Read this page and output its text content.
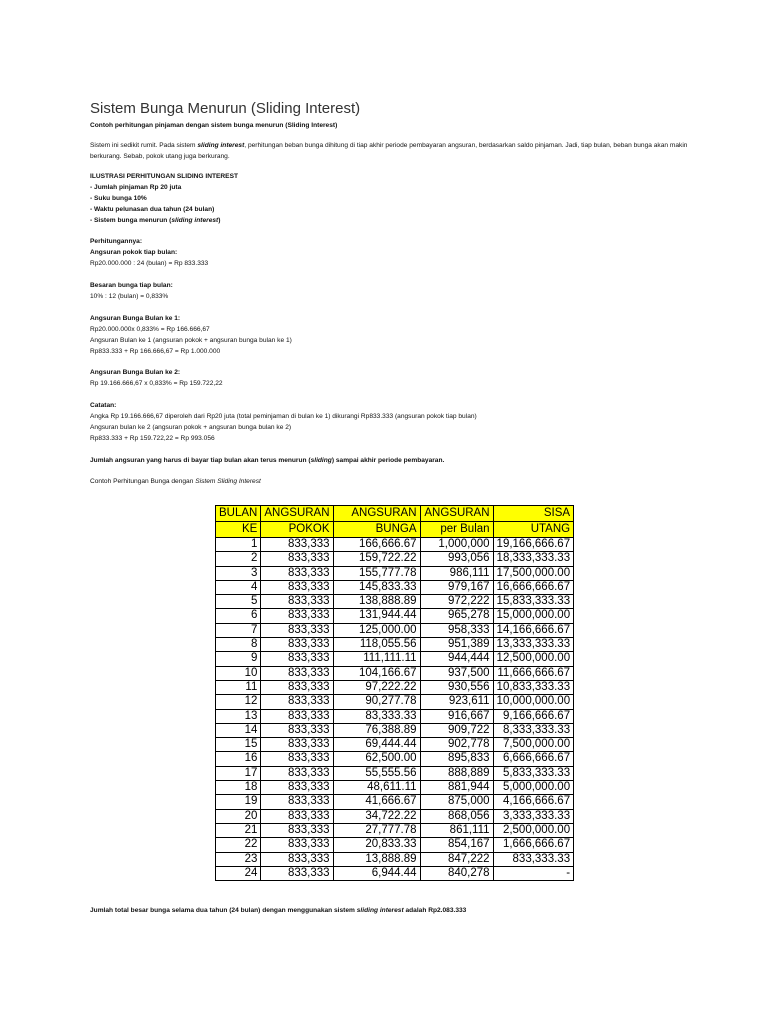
Sistem Bunga Menurun (Sliding Interest)
Contoh perhitungan pinjaman dengan sistem bunga menurun (Sliding Interest)
Sistem ini sedikit rumit. Pada sistem sliding interest, perhitungan beban bunga dihitung di tiap akhir periode pembayaran angsuran, berdasarkan saldo pinjaman. Jadi, tiap bulan, beban bunga akan makin berkurang. Sebab, pokok utang juga berkurang.
ILUSTRASI PERHITUNGAN SLIDING INTEREST
- Jumlah pinjaman Rp 20 juta
- Suku bunga 10%
- Waktu pelunasan dua tahun (24 bulan)
- Sistem bunga menurun (sliding interest)
Perhitungannya:
Angsuran pokok tiap bulan:
Rp20.000.000 : 24 (bulan) = Rp 833.333
Besaran bunga tiap bulan:
10% : 12 (bulan) = 0,833%
Angsuran Bunga Bulan ke 1:
Rp20.000.000x 0,833% = Rp 166.666,67
Angsuran Bulan ke 1 (angsuran pokok + angsuran bunga bulan ke 1)
Rp833.333 + Rp 166.666,67 = Rp 1.000.000
Angsuran Bunga Bulan ke 2:
Rp 19.166.666,67 x 0,833% = Rp 159.722,22
Catatan:
Angka Rp 19.166.666,67 diperoleh dari Rp20 juta (total peminjaman di bulan ke 1) dikurangi Rp833.333 (angsuran pokok tiap bulan)
Angsuran bulan ke 2 (angsuran pokok + angsuran bunga bulan ke 2)
Rp833.333 + Rp 159.722,22 = Rp 993.056
Jumlah angsuran yang harus di bayar tiap bulan akan terus menurun (sliding) sampai akhir periode pembayaran.
Contoh Perhitungan Bunga dengan Sistem Sliding Interest
BULAN	ANGSURAN	ANGSURAN	ANGSURAN	SISA
KE	POKOK	BUNGA	per Bulan	UTANG
1	833,333	166,666.67	1,000,000	19,166,666.67
2	833,333	159,722.22	993,056	18,333,333.33
3	833,333	155,777.78	986,111	17,500,000.00
4	833,333	145,833.33	979,167	16,666,666.67
5	833,333	138,888.89	972,222	15,833,333.33
6	833,333	131,944.44	965,278	15,000,000.00
7	833,333	125,000.00	958,333	14,166,666.67
8	833,333	118,055.56	951,389	13,333,333.33
9	833,333	111,111.11	944,444	12,500,000.00
10	833,333	104,166.67	937,500	11,666,666.67
11	833,333	97,222.22	930,556	10,833,333.33
12	833,333	90,277.78	923,611	10,000,000.00
13	833,333	83,333.33	916,667	9,166,666.67
14	833,333	76,388.89	909,722	8,333,333.33
15	833,333	69,444.44	902,778	7,500,000.00
16	833,333	62,500.00	895,833	6,666,666.67
17	833,333	55,555.56	888,889	5,833,333.33
18	833,333	48,611.11	881,944	5,000,000.00
19	833,333	41,666.67	875,000	4,166,666.67
20	833,333	34,722.22	868,056	3,333,333.33
21	833,333	27,777.78	861,111	2,500,000.00
22	833,333	20,833.33	854,167	1,666,666.67
23	833,333	13,888.89	847,222	833,333.33
24	833,333	6,944.44	840,278	-
Jumlah total besar bunga selama dua tahun (24 bulan) dengan menggunakan sistem sliding interest adalah Rp2.083.333
